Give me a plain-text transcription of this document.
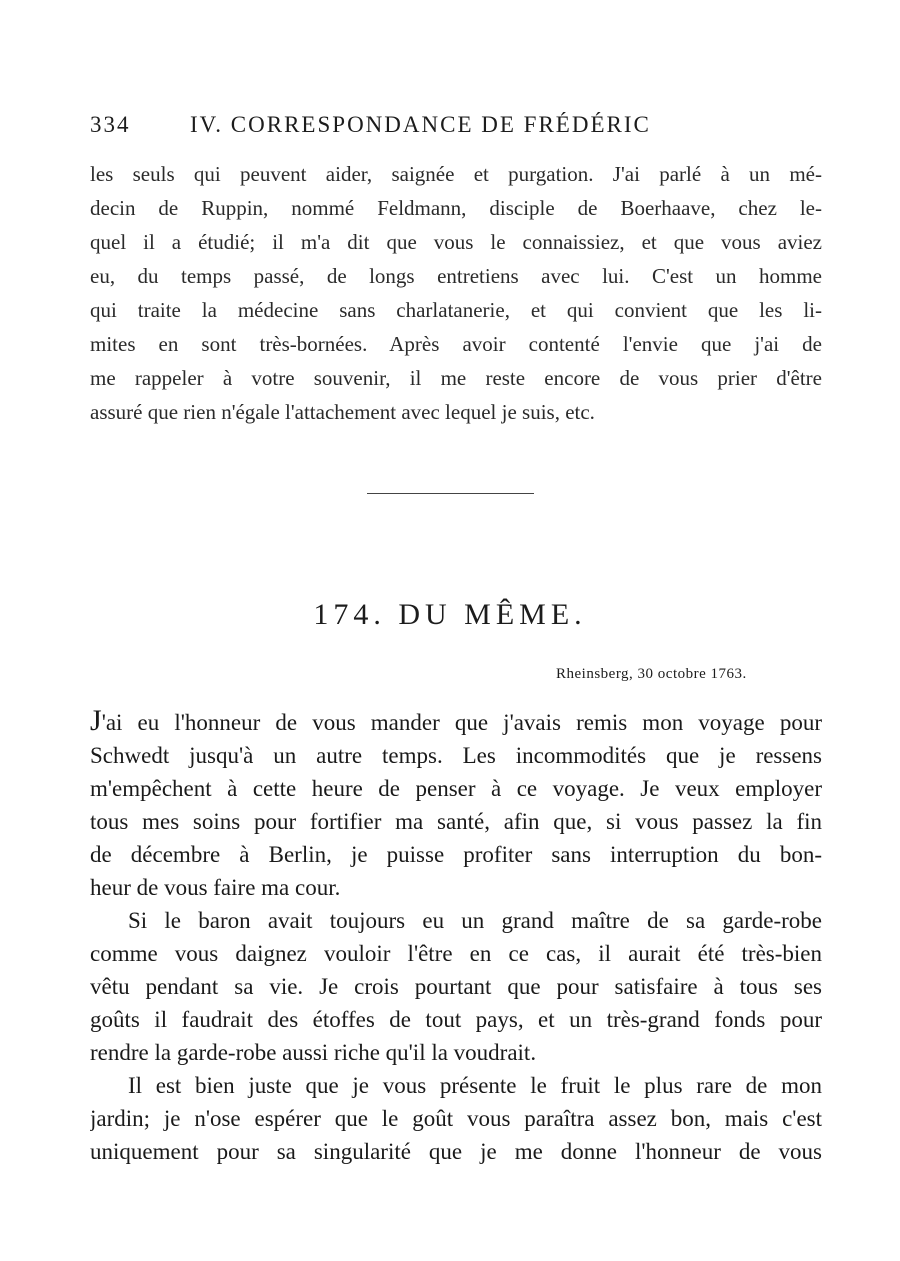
334	IV. CORRESPONDANCE DE FRÉDÉRIC
les seuls qui peuvent aider, saignée et purgation. J'ai parlé à un mé-
decin de Ruppin, nommé Feldmann, disciple de Boerhaave, chez le-
quel il a étudié; il m'a dit que vous le connaissiez, et que vous aviez
eu, du temps passé, de longs entretiens avec lui. C'est un homme
qui traite la médecine sans charlatanerie, et qui convient que les li-
mites en sont très-bornées. Après avoir contenté l'envie que j'ai de
me rappeler à votre souvenir, il me reste encore de vous prier d'être
assuré que rien n'égale l'attachement avec lequel je suis, etc.
174. DU MÊME.
Rheinsberg, 30 octobre 1763.
J'ai eu l'honneur de vous mander que j'avais remis mon voyage pour
Schwedt jusqu'à un autre temps. Les incommodités que je ressens
m'empêchent à cette heure de penser à ce voyage. Je veux employer
tous mes soins pour fortifier ma santé, afin que, si vous passez la fin
de décembre à Berlin, je puisse profiter sans interruption du bon-
heur de vous faire ma cour.
Si le baron avait toujours eu un grand maître de sa garde-robe
comme vous daignez vouloir l'être en ce cas, il aurait été très-bien
vêtu pendant sa vie. Je crois pourtant que pour satisfaire à tous ses
goûts il faudrait des étoffes de tout pays, et un très-grand fonds pour
rendre la garde-robe aussi riche qu'il la voudrait.
Il est bien juste que je vous présente le fruit le plus rare de mon
jardin; je n'ose espérer que le goût vous paraîtra assez bon, mais c'est
uniquement pour sa singularité que je me donne l'honneur de vous
